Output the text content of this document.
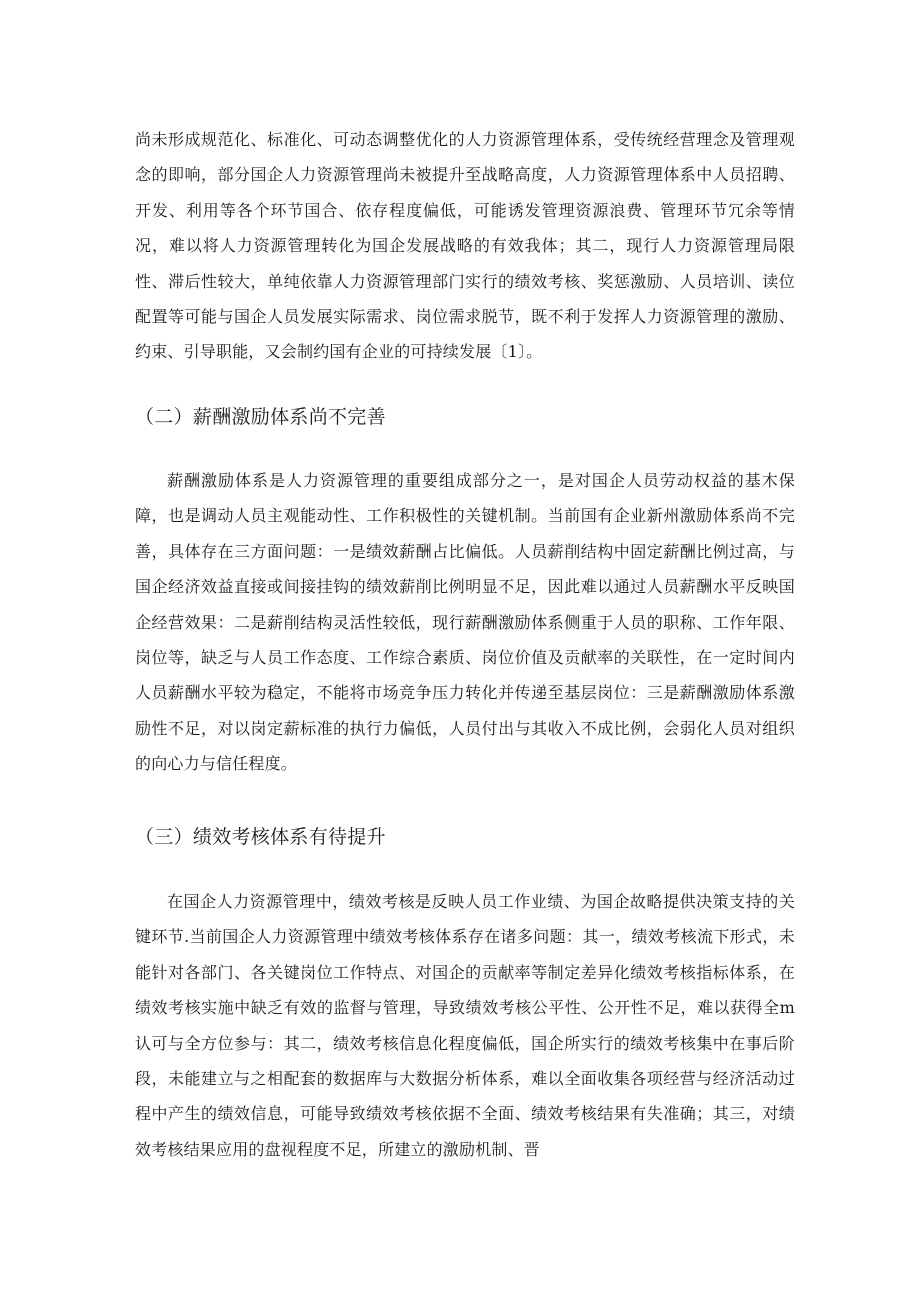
尚未形成规范化、标准化、可动态调整优化的人力资源管理体系，受传统经营理念及管理观念的即响，部分国企人力资源管理尚未被提升至战略高度，人力资源管理体系中人员招聘、开发、利用等各个环节国合、依存程度偏低，可能诱发管理资源浪费、管理环节冗余等情况，难以将人力资源管理转化为国企发展战略的有效我体；其二，现行人力资源管理局限性、滞后性较大，单纯依靠人力资源管理部门实行的绩效考核、奖惩激励、人员培训、读位配置等可能与国企人员发展实际需求、岗位需求脱节，既不利于发挥人力资源管理的激励、约束、引导职能，又会制约国有企业的可持续发展〔1〕。

（二）薪酬激励体系尚不完善

薪酬激励体系是人力资源管理的重要组成部分之一，是对国企人员劳动权益的基木保障，也是调动人员主观能动性、工作积极性的关键机制。当前国有企业新州激励体系尚不完善，具体存在三方面问题：一是绩效薪酬占比偏低。人员薪削结构中固定薪酬比例过高，与国企经济效益直接或间接挂钩的绩效薪削比例明显不足，因此难以通过人员薪酬水平反映国企经营效果：二是薪削结构灵活性较低，现行薪酬激励体系侧重于人员的职称、工作年限、岗位等，缺乏与人员工作态度、工作综合素质、岗位价值及贡献率的关联性，在一定时间内人员薪酬水平较为稳定，不能将市场竞争压力转化并传递至基层岗位：三是薪酬激励体系激励性不足，对以岗定薪标准的执行力偏低，人员付出与其收入不成比例，会弱化人员对组织的向心力与信任程度。

（三）绩效考核体系有待提升

在国企人力资源管理中，绩效考核是反映人员工作业绩、为国企故略提供决策支持的关键环节.当前国企人力资源管理中绩效考核体系存在诸多问题：其一，绩效考核流下形式，未能针对各部门、各关键岗位工作特点、对国企的贡献率等制定差异化绩效考核指标体系，在绩效考核实施中缺乏有效的监督与管理，导致绩效考核公平性、公开性不足，难以获得全m认可与全方位参与：其二，绩效考核信息化程度偏低，国企所实行的绩效考核集中在事后阶段，未能建立与之相配套的数据库与大数据分析体系，难以全面收集各项经营与经济活动过程中产生的绩效信息，可能导致绩效考核依据不全面、绩效考核结果有失准确；其三，对绩效考核结果应用的盘视程度不足，所建立的激励机制、晋
